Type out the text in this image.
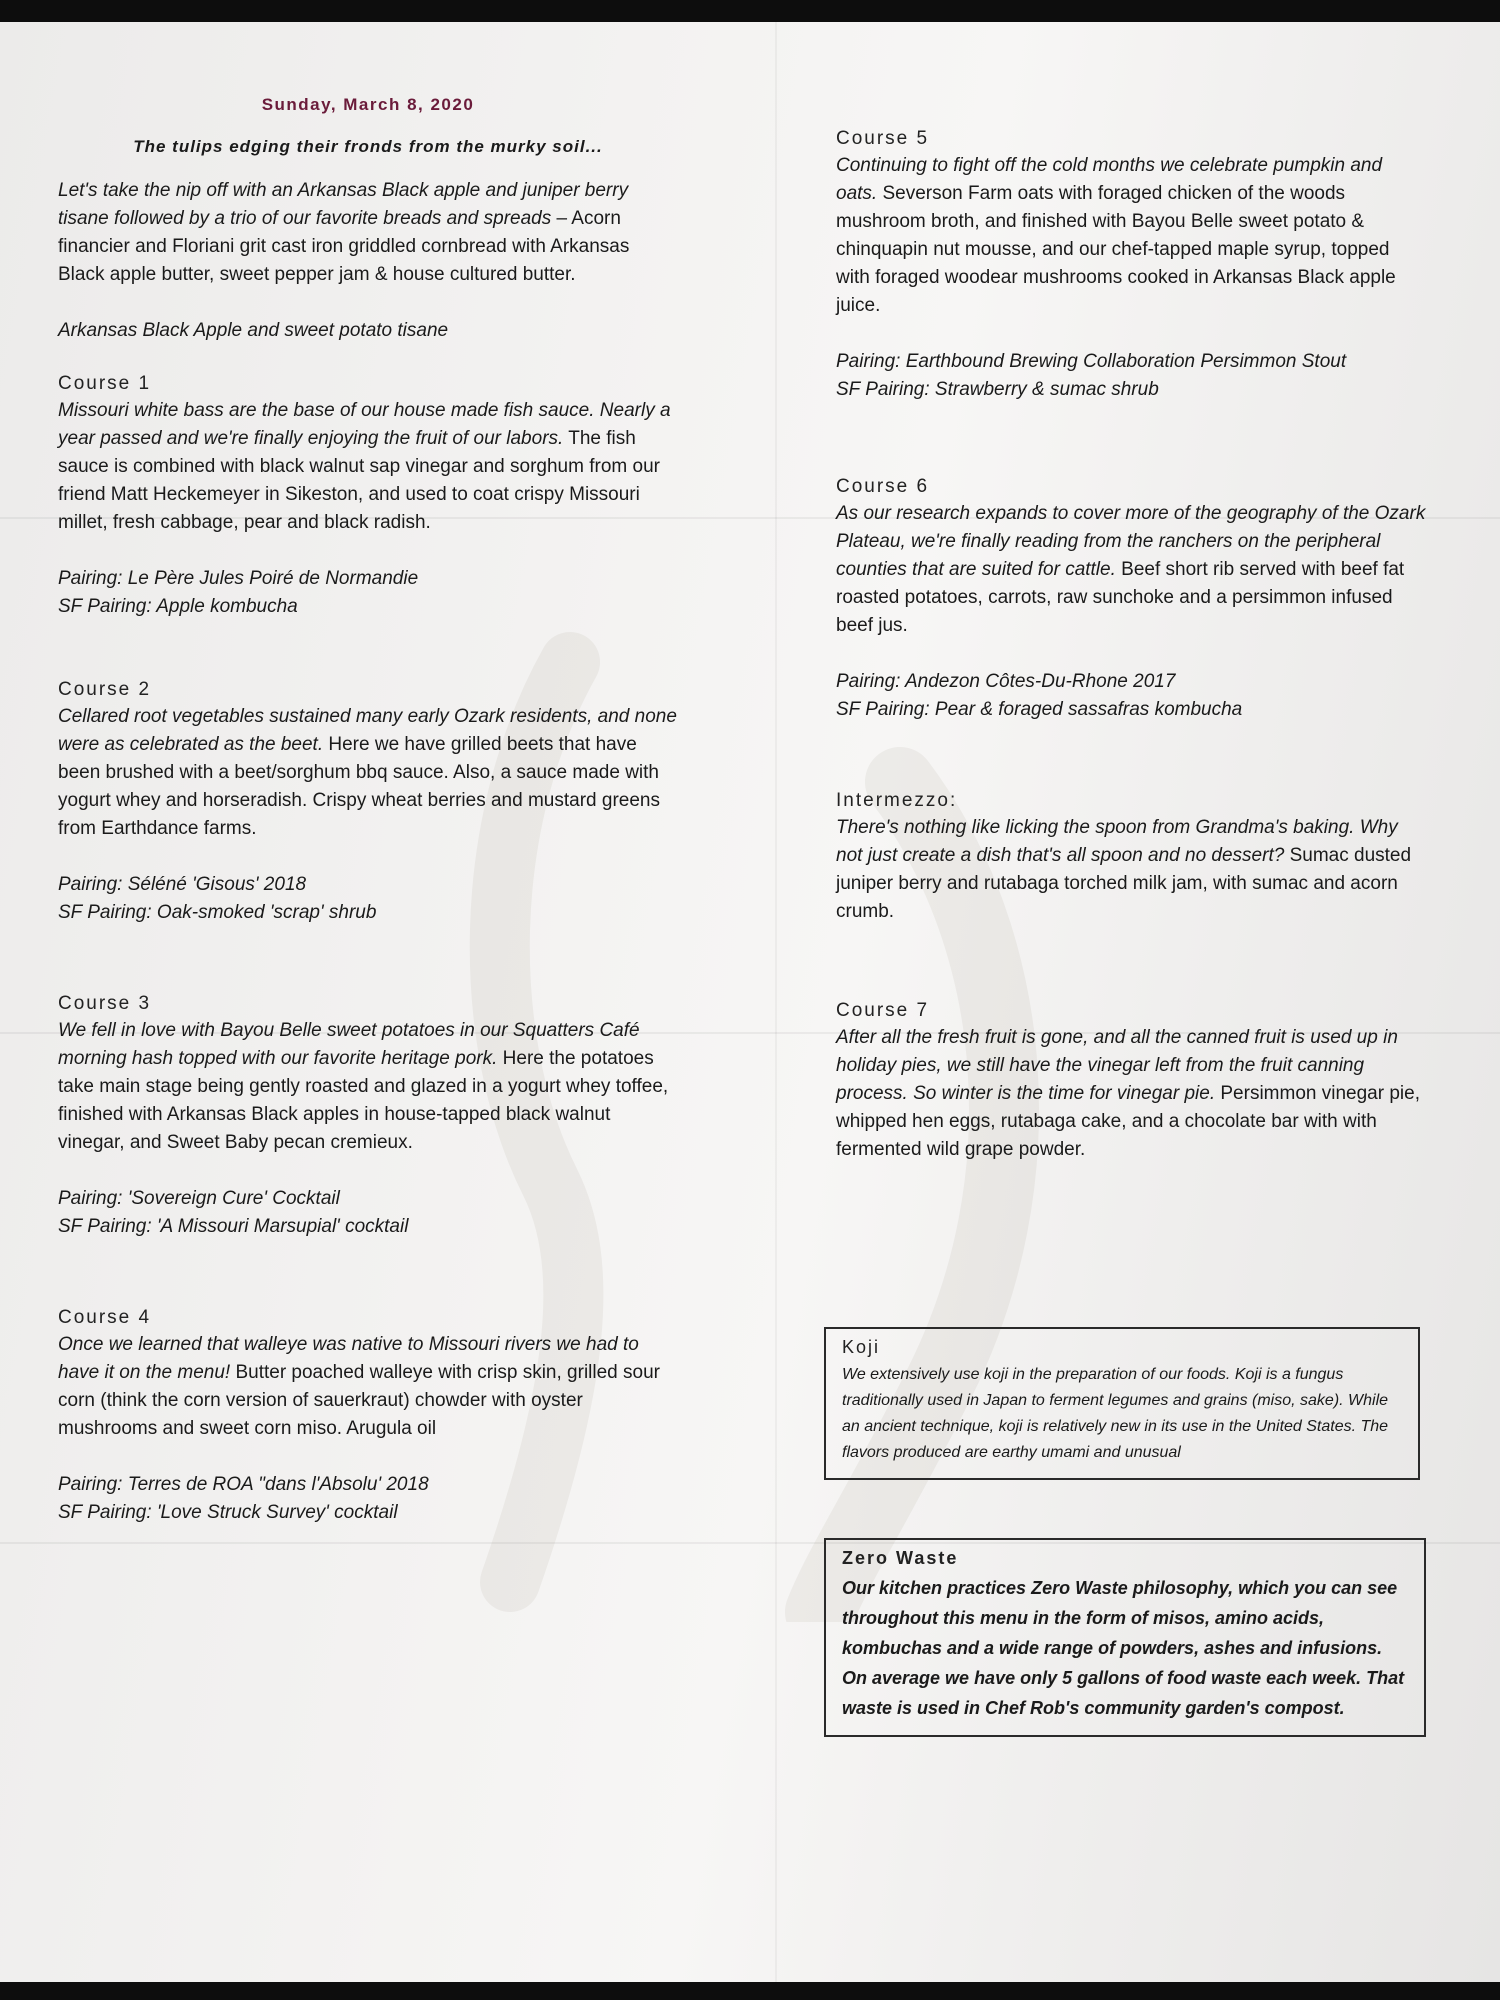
Sunday, March 8, 2020

The tulips edging their fronds from the murky soil...

Let's take the nip off with an Arkansas Black apple and juniper berry tisane followed by a trio of our favorite breads and spreads – Acorn financier and Floriani grit cast iron griddled cornbread with Arkansas Black apple butter, sweet pepper jam & house cultured butter.

Arkansas Black Apple and sweet potato tisane

Course 1

Missouri white bass are the base of our house made fish sauce. Nearly a year passed and we're finally enjoying the fruit of our labors. The fish sauce is combined with black walnut sap vinegar and sorghum from our friend Matt Heckemeyer in Sikeston, and used to coat crispy Missouri millet, fresh cabbage, pear and black radish.

Pairing: Le Père Jules Poiré de Normandie

SF Pairing: Apple kombucha

Course 2

Cellared root vegetables sustained many early Ozark residents, and none were as celebrated as the beet. Here we have grilled beets that have been brushed with a beet/sorghum bbq sauce. Also, a sauce made with yogurt whey and horseradish. Crispy wheat berries and mustard greens from Earthdance farms.

Pairing: Séléné 'Gisous' 2018

SF Pairing: Oak-smoked 'scrap' shrub

Course 3

We fell in love with Bayou Belle sweet potatoes in our Squatters Café morning hash topped with our favorite heritage pork. Here the potatoes take main stage being gently roasted and glazed in a yogurt whey toffee, finished with Arkansas Black apples in house-tapped black walnut vinegar, and Sweet Baby pecan cremieux.

Pairing: 'Sovereign Cure' Cocktail

SF Pairing: 'A Missouri Marsupial' cocktail

Course 4

Once we learned that walleye was native to Missouri rivers we had to have it on the menu! Butter poached walleye with crisp skin, grilled sour corn (think the corn version of sauerkraut) chowder with oyster mushrooms and sweet corn miso. Arugula oil

Pairing: Terres de ROA "dans l'Absolu' 2018

SF Pairing: 'Love Struck Survey' cocktail

Course 5

Continuing to fight off the cold months we celebrate pumpkin and oats. Severson Farm oats with foraged chicken of the woods mushroom broth, and finished with Bayou Belle sweet potato & chinquapin nut mousse, and our chef-tapped maple syrup, topped with foraged woodear mushrooms cooked in Arkansas Black apple juice.

Pairing: Earthbound Brewing Collaboration Persimmon Stout

SF Pairing: Strawberry & sumac shrub

Course 6

As our research expands to cover more of the geography of the Ozark Plateau, we're finally reading from the ranchers on the peripheral counties that are suited for cattle. Beef short rib served with beef fat roasted potatoes, carrots, raw sunchoke and a persimmon infused beef jus.

Pairing: Andezon Côtes-Du-Rhone 2017

SF Pairing: Pear & foraged sassafras kombucha

Intermezzo:

There's nothing like licking the spoon from Grandma's baking. Why not just create a dish that's all spoon and no dessert? Sumac dusted juniper berry and rutabaga torched milk jam, with sumac and acorn crumb.

Course 7

After all the fresh fruit is gone, and all the canned fruit is used up in holiday pies, we still have the vinegar left from the fruit canning process. So winter is the time for vinegar pie. Persimmon vinegar pie, whipped hen eggs, rutabaga cake, and a chocolate bar with with fermented wild grape powder.

Koji

We extensively use koji in the preparation of our foods. Koji is a fungus traditionally used in Japan to ferment legumes and grains (miso, sake). While an ancient technique, koji is relatively new in its use in the United States. The flavors produced are earthy umami and unusual

Zero Waste

Our kitchen practices Zero Waste philosophy, which you can see throughout this menu in the form of misos, amino acids, kombuchas and a wide range of powders, ashes and infusions. On average we have only 5 gallons of food waste each week. That waste is used in Chef Rob's community garden's compost.
